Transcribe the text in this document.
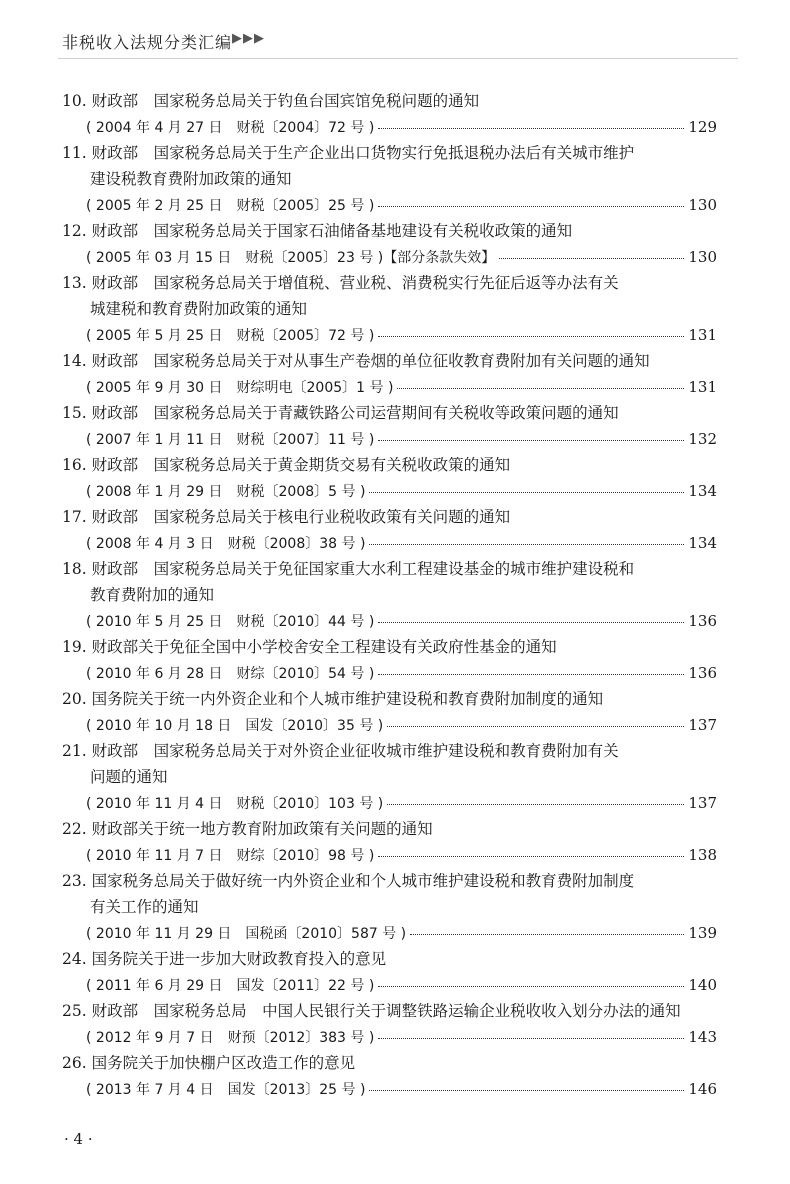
非税收入法规分类汇编 ▶▶▶
10. 财政部　国家税务总局关于钓鱼台国宾馆免税问题的通知
( 2004 年 4 月 27 日　财税〔2004〕72 号 )	129
11. 财政部　国家税务总局关于生产企业出口货物实行免抵退税办法后有关城市维护
建设税教育费附加政策的通知
( 2005 年 2 月 25 日　财税〔2005〕25 号 )	130
12. 财政部　国家税务总局关于国家石油储备基地建设有关税收政策的通知
( 2005 年 03 月 15 日　财税〔2005〕23 号 )【部分条款失效】	130
13. 财政部　国家税务总局关于增值税、营业税、消费税实行先征后返等办法有关
城建税和教育费附加政策的通知
( 2005 年 5 月 25 日　财税〔2005〕72 号 )	131
14. 财政部　国家税务总局关于对从事生产卷烟的单位征收教育费附加有关问题的通知
( 2005 年 9 月 30 日　财综明电〔2005〕1 号 )	131
15. 财政部　国家税务总局关于青藏铁路公司运营期间有关税收等政策问题的通知
( 2007 年 1 月 11 日　财税〔2007〕11 号 )	132
16. 财政部　国家税务总局关于黄金期货交易有关税收政策的通知
( 2008 年 1 月 29 日　财税〔2008〕5 号 )	134
17. 财政部　国家税务总局关于核电行业税收政策有关问题的通知
( 2008 年 4 月 3 日　财税〔2008〕38 号 )	134
18. 财政部　国家税务总局关于免征国家重大水利工程建设基金的城市维护建设税和
教育费附加的通知
( 2010 年 5 月 25 日　财税〔2010〕44 号 )	136
19. 财政部关于免征全国中小学校舍安全工程建设有关政府性基金的通知
( 2010 年 6 月 28 日　财综〔2010〕54 号 )	136
20. 国务院关于统一内外资企业和个人城市维护建设税和教育费附加制度的通知
( 2010 年 10 月 18 日　国发〔2010〕35 号 )	137
21. 财政部　国家税务总局关于对外资企业征收城市维护建设税和教育费附加有关
问题的通知
( 2010 年 11 月 4 日　财税〔2010〕103 号 )	137
22. 财政部关于统一地方教育附加政策有关问题的通知
( 2010 年 11 月 7 日　财综〔2010〕98 号 )	138
23. 国家税务总局关于做好统一内外资企业和个人城市维护建设税和教育费附加制度
有关工作的通知
( 2010 年 11 月 29 日　国税函〔2010〕587 号 )	139
24. 国务院关于进一步加大财政教育投入的意见
( 2011 年 6 月 29 日　国发〔2011〕22 号 )	140
25. 财政部　国家税务总局　中国人民银行关于调整铁路运输企业税收收入划分办法的通知
( 2012 年 9 月 7 日　财预〔2012〕383 号 )	143
26. 国务院关于加快棚户区改造工作的意见
( 2013 年 7 月 4 日　国发〔2013〕25 号 )	146
· 4 ·
